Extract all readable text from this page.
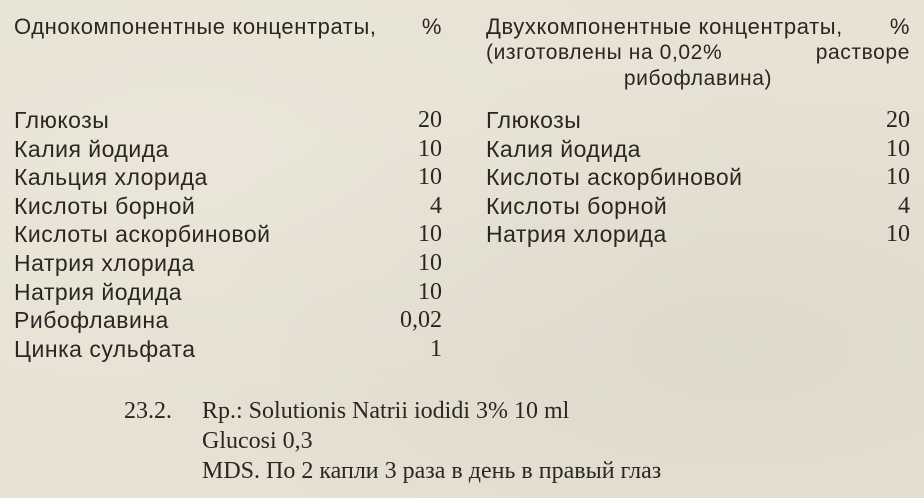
Однокомпонентные концентраты, %
Глюкозы	20
Калия йодида	10
Кальция хлорида	10
Кислоты борной	4
Кислоты аскорбиновой	10
Натрия хлорида	10
Натрия йодида	10
Рибофлавина	0,02
Цинка сульфата	1
Двухкомпонентные концентраты, %
(изготовлены на 0,02%	растворе
рибофлавина)
Глюкозы	20
Калия йодида	10
Кислоты аскорбиновой	10
Кислоты борной	4
Натрия хлорида	10
23.2. Rp.: Solutionis Natrii iodidi 3% 10 ml
Glucosi 0,3
MDS. По 2 капли 3 раза в день в правый глаз
